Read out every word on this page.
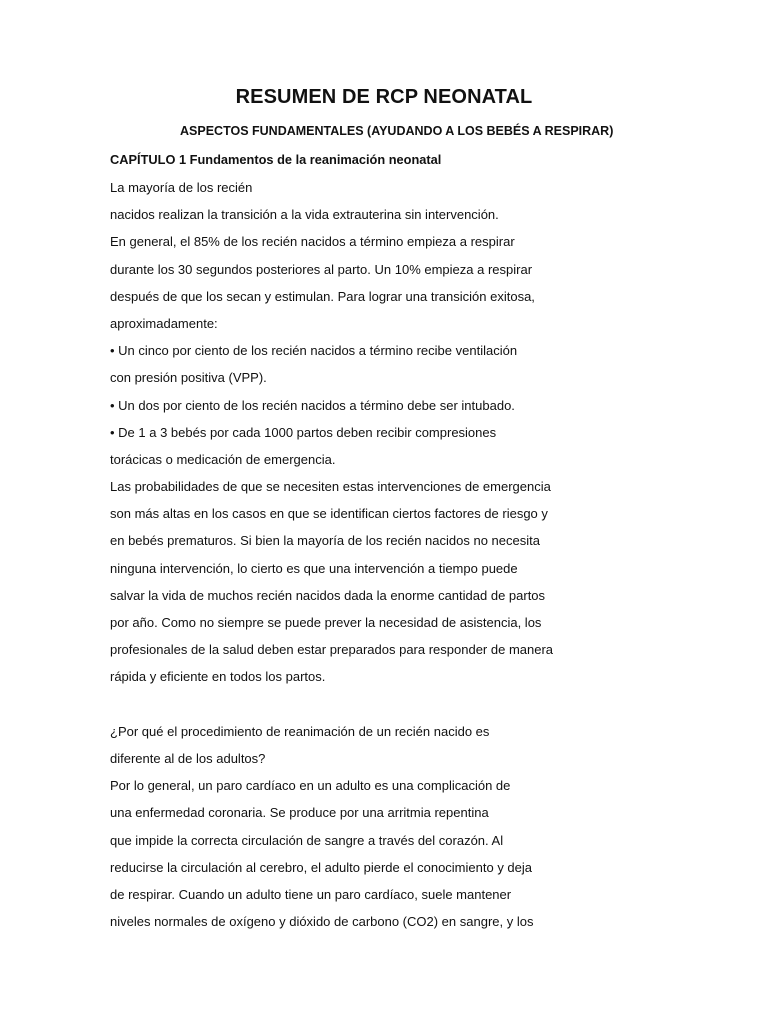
RESUMEN DE RCP NEONATAL
ASPECTOS FUNDAMENTALES (AYUDANDO A LOS BEBÉS A RESPIRAR)
CAPÍTULO 1 Fundamentos de la reanimación neonatal
La mayoría de los recién
nacidos realizan la transición a la vida extrauterina sin intervención.
En general, el 85% de los recién nacidos a término empieza a respirar
durante los 30 segundos posteriores al parto. Un 10% empieza a respirar
después de que los secan y estimulan. Para lograr una transición exitosa,
aproximadamente:
• Un cinco por ciento de los recién nacidos a término recibe ventilación
con presión positiva (VPP).
• Un dos por ciento de los recién nacidos a término debe ser intubado.
• De 1 a 3 bebés por cada 1000 partos deben recibir compresiones
torácicas o medicación de emergencia.
Las probabilidades de que se necesiten estas intervenciones de emergencia
son más altas en los casos en que se identifican ciertos factores de riesgo y
en bebés prematuros. Si bien la mayoría de los recién nacidos no necesita
ninguna intervención, lo cierto es que una intervención a tiempo puede
salvar la vida de muchos recién nacidos dada la enorme cantidad de partos
por año. Como no siempre se puede prever la necesidad de asistencia, los
profesionales de la salud deben estar preparados para responder de manera
rápida y eficiente en todos los partos.
¿Por qué el procedimiento de reanimación de un recién nacido es
diferente al de los adultos?
Por lo general, un paro cardíaco en un adulto es una complicación de
una enfermedad coronaria. Se produce por una arritmia repentina
que impide la correcta circulación de sangre a través del corazón. Al
reducirse la circulación al cerebro, el adulto pierde el conocimiento y deja
de respirar. Cuando un adulto tiene un paro cardíaco, suele mantener
niveles normales de oxígeno y dióxido de carbono (CO2) en sangre, y los
